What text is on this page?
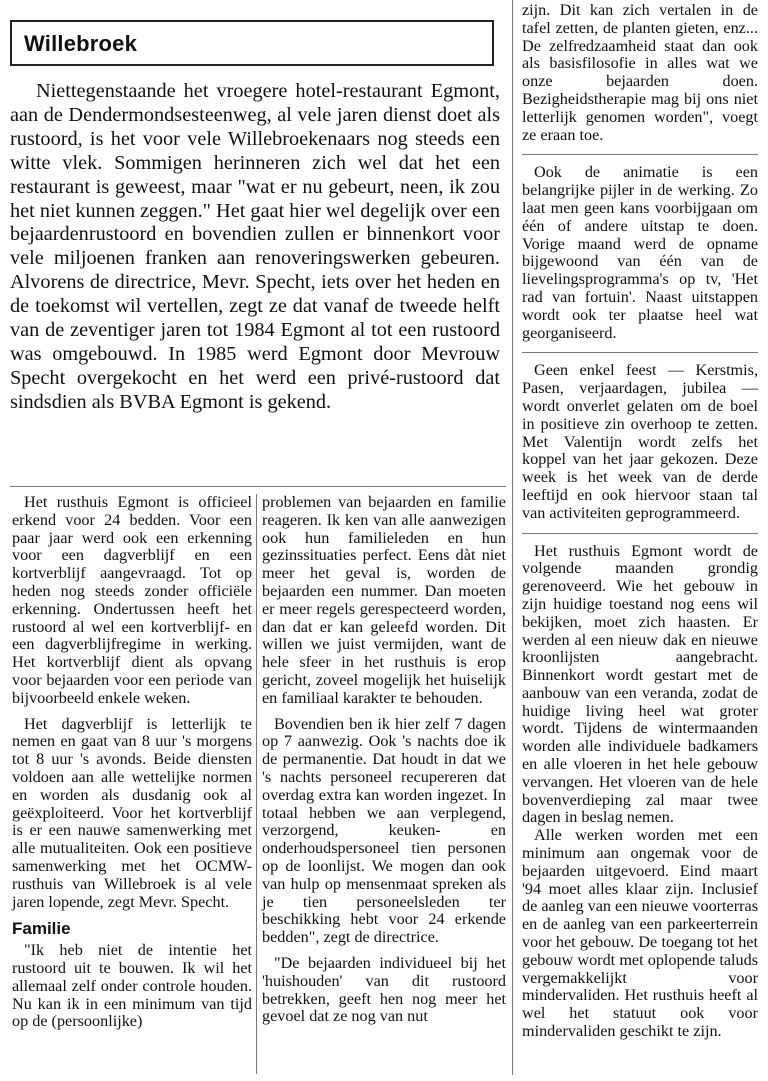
Willebroek

Niettegenstaande het vroegere hotel-restaurant Egmont, aan de Dendermondsesteenweg, al vele jaren dienst doet als rustoord, is het voor vele Willebroekenaars nog steeds een witte vlek. Sommigen herinneren zich wel dat het een restaurant is geweest, maar "wat er nu gebeurt, neen, ik zou het niet kunnen zeggen." Het gaat hier wel degelijk over een bejaardenrustoord en bovendien zullen er binnenkort voor vele miljoenen franken aan renoveringswerken gebeuren. Alvorens de directrice, Mevr. Specht, iets over het heden en de toekomst wil vertellen, zegt ze dat vanaf de tweede helft van de zeventiger jaren tot 1984 Egmont al tot een rustoord was omgebouwd. In 1985 werd Egmont door Mevrouw Specht overgekocht en het werd een privé-rustoord dat sindsdien als BVBA Egmont is gekend.

Het rusthuis Egmont is officieel erkend voor 24 bedden. Voor een paar jaar werd ook een erkenning voor een dagverblijf en een kortverblijf aangevraagd. Tot op heden nog steeds zonder officiële erkenning. Ondertussen heeft het rustoord al wel een kortverblijf- en een dagverblijfregime in werking. Het kortverblijf dient als opvang voor bejaarden voor een periode van bijvoorbeeld enkele weken.

Het dagverblijf is letterlijk te nemen en gaat van 8 uur 's morgens tot 8 uur 's avonds. Beide diensten voldoen aan alle wettelijke normen en worden als dusdanig ook al geëxploiteerd. Voor het kortverblijf is er een nauwe samenwerking met alle mutualiteiten. Ook een positieve samenwerking met het OCMW-rusthuis van Willebroek is al vele jaren lopende, zegt Mevr. Specht.

Familie

"Ik heb niet de intentie het rustoord uit te bouwen. Ik wil het allemaal zelf onder controle houden. Nu kan ik in een minimum van tijd op de (persoonlijke)

problemen van bejaarden en familie reageren. Ik ken van alle aanwezigen ook hun familieleden en hun gezinssituaties perfect. Eens dàt niet meer het geval is, worden de bejaarden een nummer. Dan moeten er meer regels gerespecteerd worden, dan dat er kan geleefd worden. Dit willen we juist vermijden, want de hele sfeer in het rusthuis is erop gericht, zoveel mogelijk het huiselijk en familiaal karakter te behouden.

Bovendien ben ik hier zelf 7 dagen op 7 aanwezig. Ook 's nachts doe ik de permanentie. Dat houdt in dat we 's nachts personeel recupereren dat overdag extra kan worden ingezet. In totaal hebben we aan verplegend, verzorgend, keuken- en onderhoudspersoneel tien personen op de loonlijst. We mogen dan ook van hulp op mensenmaat spreken als je tien personeelsleden ter beschikking hebt voor 24 erkende bedden", zegt de directrice.

"De bejaarden individueel bij het 'huishouden' van dit rustoord betrekken, geeft hen nog meer het gevoel dat ze nog van nut

zijn. Dit kan zich vertalen in de tafel zetten, de planten gieten, enz... De zelfredzaamheid staat dan ook als basisfilosofie in alles wat we onze bejaarden doen. Bezigheidstherapie mag bij ons niet letterlijk genomen worden", voegt ze eraan toe.

Ook de animatie is een belangrijke pijler in de werking. Zo laat men geen kans voorbijgaan om één of andere uitstap te doen. Vorige maand werd de opname bijgewoond van één van de lievelingsprogramma's op tv, 'Het rad van fortuin'. Naast uitstappen wordt ook ter plaatse heel wat georganiseerd.

Geen enkel feest — Kerstmis, Pasen, verjaardagen, jubilea — wordt onverlet gelaten om de boel in positieve zin overhoop te zetten. Met Valentijn wordt zelfs het koppel van het jaar gekozen. Deze week is het week van de derde leeftijd en ook hiervoor staan tal van activiteiten geprogrammeerd.

Het rusthuis Egmont wordt de volgende maanden grondig gerenoveerd. Wie het gebouw in zijn huidige toestand nog eens wil bekijken, moet zich haasten. Er werden al een nieuw dak en nieuwe kroonlijsten aangebracht. Binnenkort wordt gestart met de aanbouw van een veranda, zodat de huidige living heel wat groter wordt. Tijdens de wintermaanden worden alle individuele badkamers en alle vloeren in het hele gebouw vervangen. Het vloeren van de hele bovenverdieping zal maar twee dagen in beslag nemen.

Alle werken worden met een minimum aan ongemak voor de bejaarden uitgevoerd. Eind maart '94 moet alles klaar zijn. Inclusief de aanleg van een nieuwe voorterras en de aanleg van een parkeerterrein voor het gebouw. De toegang tot het gebouw wordt met oplopende taluds vergemakkelijkt voor mindervaliden. Het rusthuis heeft al wel het statuut ook voor mindervaliden geschikt te zijn.
